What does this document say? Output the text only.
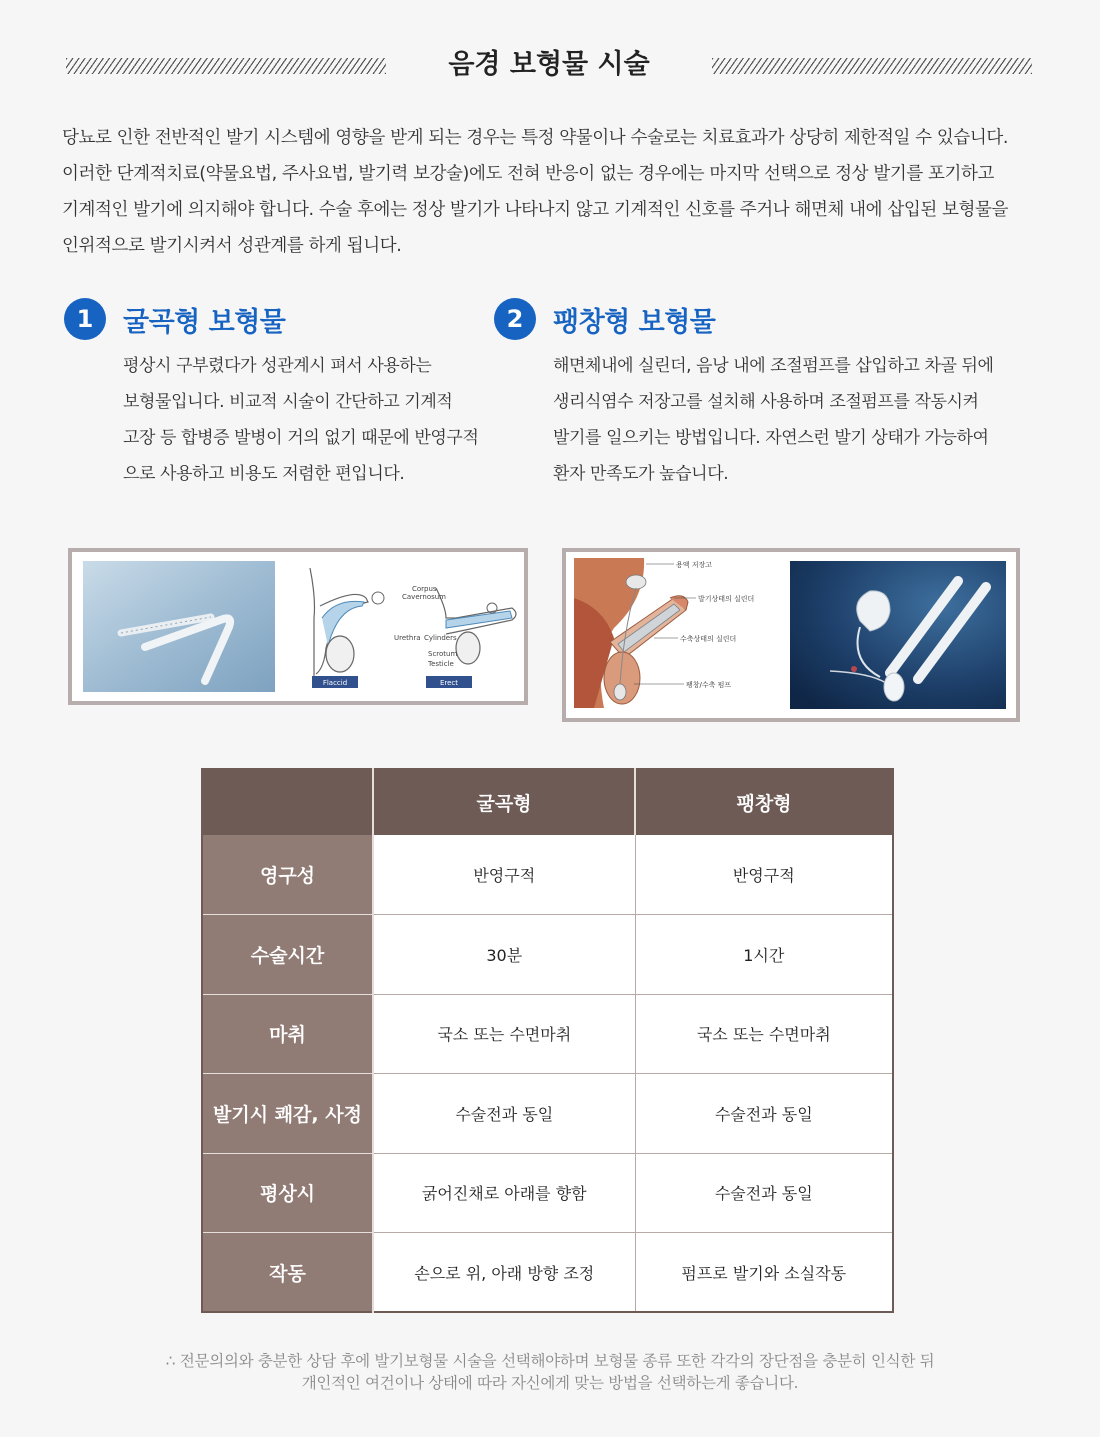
음경 보형물 시술

당뇨로 인한 전반적인 발기 시스템에 영향을 받게 되는 경우는 특정 약물이나 수술로는 치료효과가 상당히 제한적일 수 있습니다.

이러한 단계적치료(약물요법, 주사요법, 발기력 보강술)에도 전혀 반응이 없는 경우에는 마지막 선택으로 정상 발기를 포기하고

기계적인 발기에 의지해야 합니다. 수술 후에는 정상 발기가 나타나지 않고 기계적인 신호를 주거나 해면체 내에 삽입된 보형물을

인위적으로 발기시켜서 성관계를 하게 됩니다.

1	굴곡형 보형물

평상시 구부렸다가 성관계시 펴서 사용하는

보형물입니다. 비교적 시술이 간단하고 기계적

고장 등 합병증 발병이 거의 없기 때문에 반영구적

으로 사용하고 비용도 저렴한 편입니다.

2	팽창형 보형물

해면체내에 실린더, 음낭 내에 조절펌프를 삽입하고 차골 뒤에

생리식염수 저장고를 설치해 사용하며 조절펌프를 작동시켜

발기를 일으키는 방법입니다. 자연스런 발기 상태가 가능하여

환자 만족도가 높습니다.

Corpus
Cavernosum
Urethra Cylinders
Scrotum
Testicle
Flaccid	Erect
용액 저장고
발기상태의 실린더
수축상태의 실린더
팽창/수축 펌프
	굴곡형	팽창형
영구성	반영구적	반영구적
수술시간	30분	1시간
마취	국소 또는 수면마취	국소 또는 수면마취
발기시 쾌감, 사정	수술전과 동일	수술전과 동일
평상시	굵어진채로 아래를 향함	수술전과 동일
작동	손으로 위, 아래 방향 조정	펌프로 발기와 소실작동

∴ 전문의의와 충분한 상담 후에 발기보형물 시술을 선택해야하며 보형물 종류 또한 각각의 장단점을 충분히 인식한 뒤

개인적인 여건이나 상태에 따라 자신에게 맞는 방법을 선택하는게 좋습니다.
